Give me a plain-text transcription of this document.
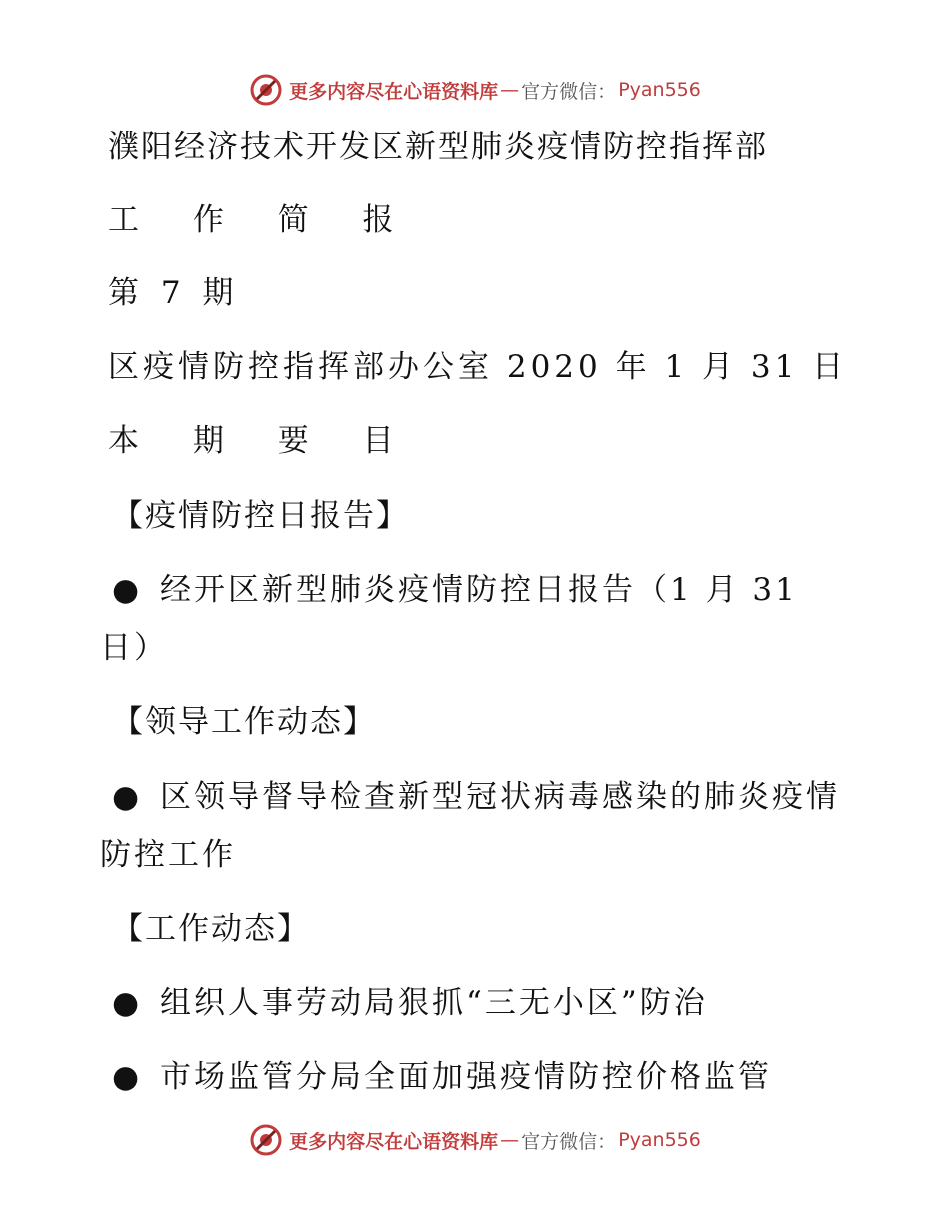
更多内容尽在心语资料库 — 官方微信： Pyan556
濮阳经济技术开发区新型肺炎疫情防控指挥部
工 作 简 报
第 7 期
区疫情防控指挥部办公室 2020 年 1 月 31 日
本 期 要 目
【疫情防控日报告】
● 经开区新型肺炎疫情防控日报告（1 月 31
日）
【领导工作动态】
● 区领导督导检查新型冠状病毒感染的肺炎疫情
防控工作
【工作动态】
● 组织人事劳动局狠抓“三无小区”防治
● 市场监管分局全面加强疫情防控价格监管
更多内容尽在心语资料库 — 官方微信： Pyan556
